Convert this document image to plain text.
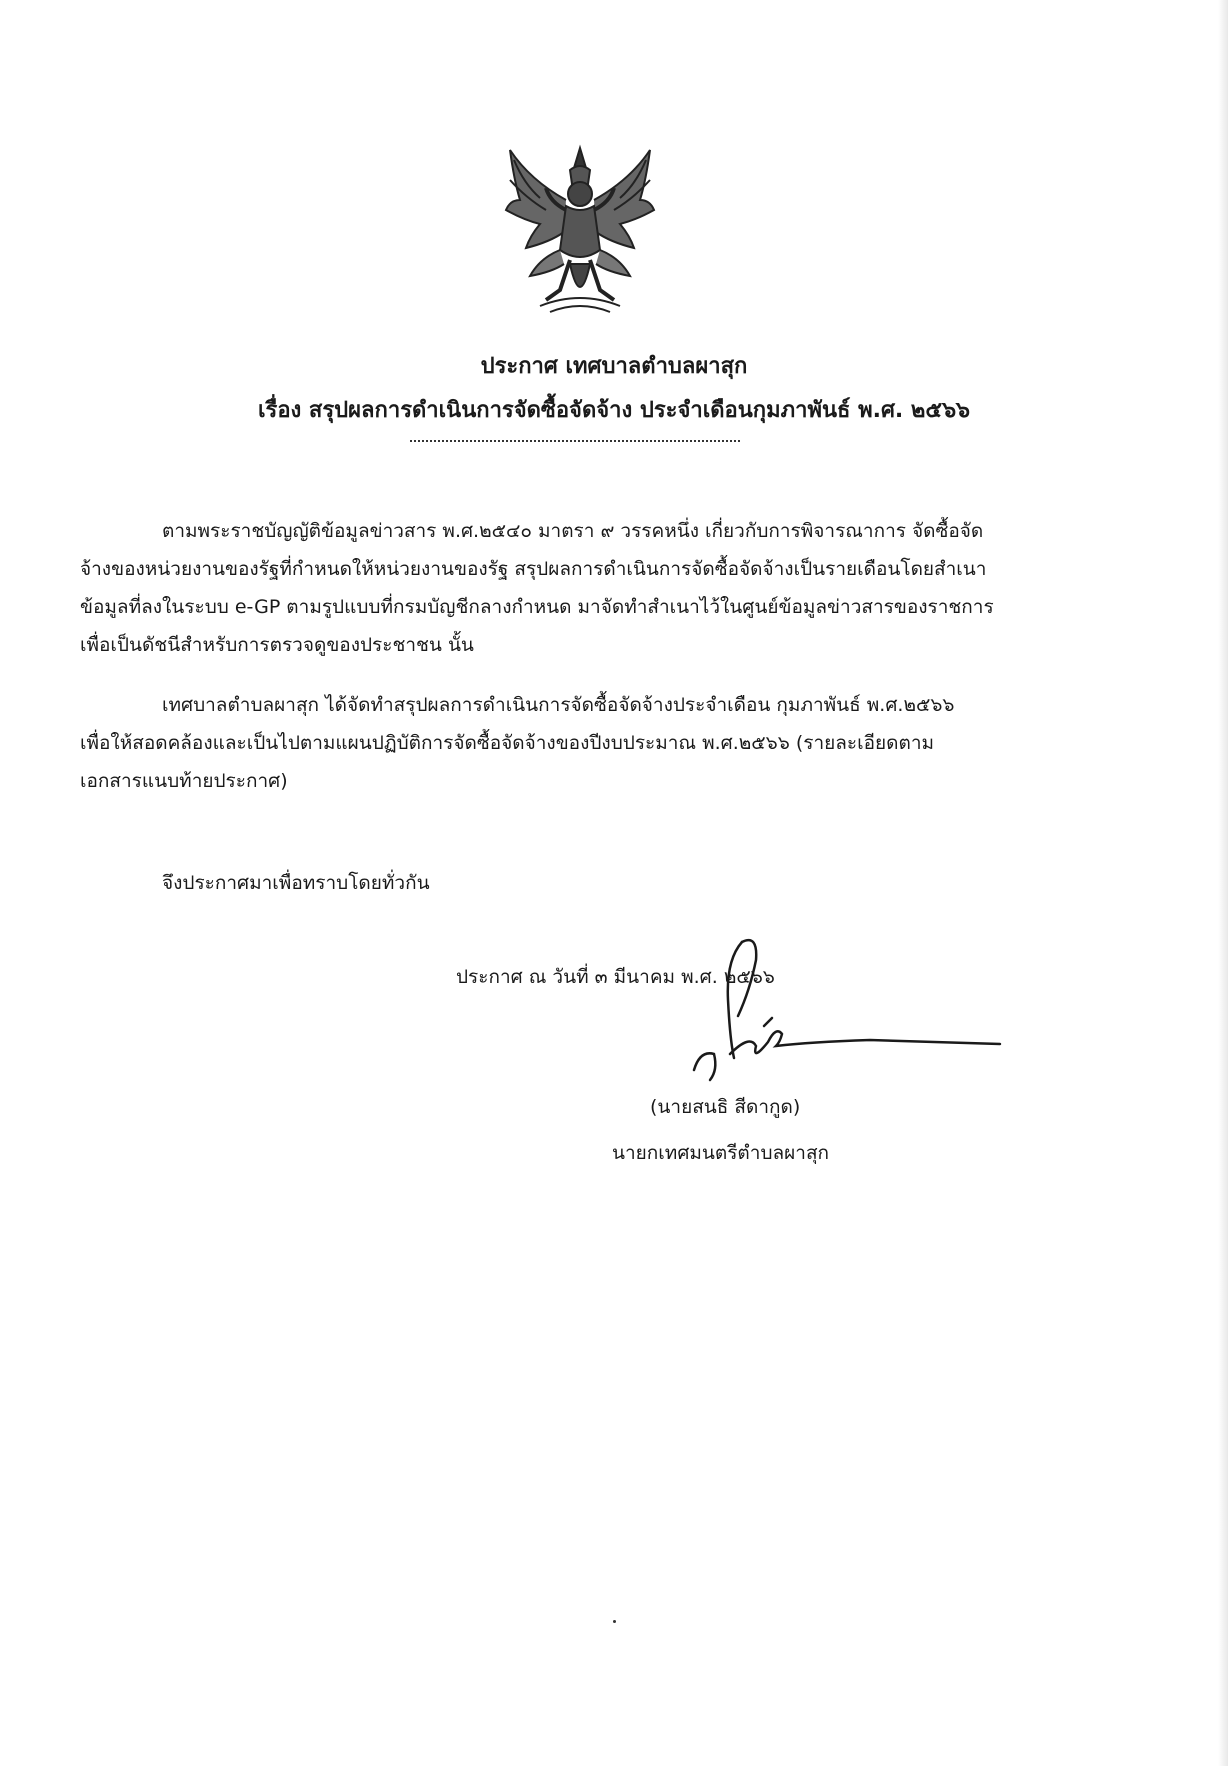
ประกาศ เทศบาลตำบลผาสุก
เรื่อง สรุปผลการดำเนินการจัดซื้อจัดจ้าง ประจำเดือนกุมภาพันธ์ พ.ศ. ๒๕๖๖
ตามพระราชบัญญัติข้อมูลข่าวสาร พ.ศ.๒๕๔๐ มาตรา ๙ วรรคหนึ่ง เกี่ยวกับการพิจารณาการ จัดซื้อจัด
จ้างของหน่วยงานของรัฐที่กำหนดให้หน่วยงานของรัฐ สรุปผลการดำเนินการจัดซื้อจัดจ้างเป็นรายเดือนโดยสำเนา
ข้อมูลที่ลงในระบบ e-GP ตามรูปแบบที่กรมบัญชีกลางกำหนด มาจัดทำสำเนาไว้ในศูนย์ข้อมูลข่าวสารของราชการ
เพื่อเป็นดัชนีสำหรับการตรวจดูของประชาชน นั้น
เทศบาลตำบลผาสุก ได้จัดทำสรุปผลการดำเนินการจัดซื้อจัดจ้างประจำเดือน กุมภาพันธ์ พ.ศ.๒๕๖๖
เพื่อให้สอดคล้องและเป็นไปตามแผนปฏิบัติการจัดซื้อจัดจ้างของปีงบประมาณ พ.ศ.๒๕๖๖ (รายละเอียดตาม
เอกสารแนบท้ายประกาศ)
จึงประกาศมาเพื่อทราบโดยทั่วกัน
ประกาศ ณ วันที่ ๓ มีนาคม พ.ศ. ๒๕๖๖
(นายสนธิ สีดากูด)
นายกเทศมนตรีตำบลผาสุก
